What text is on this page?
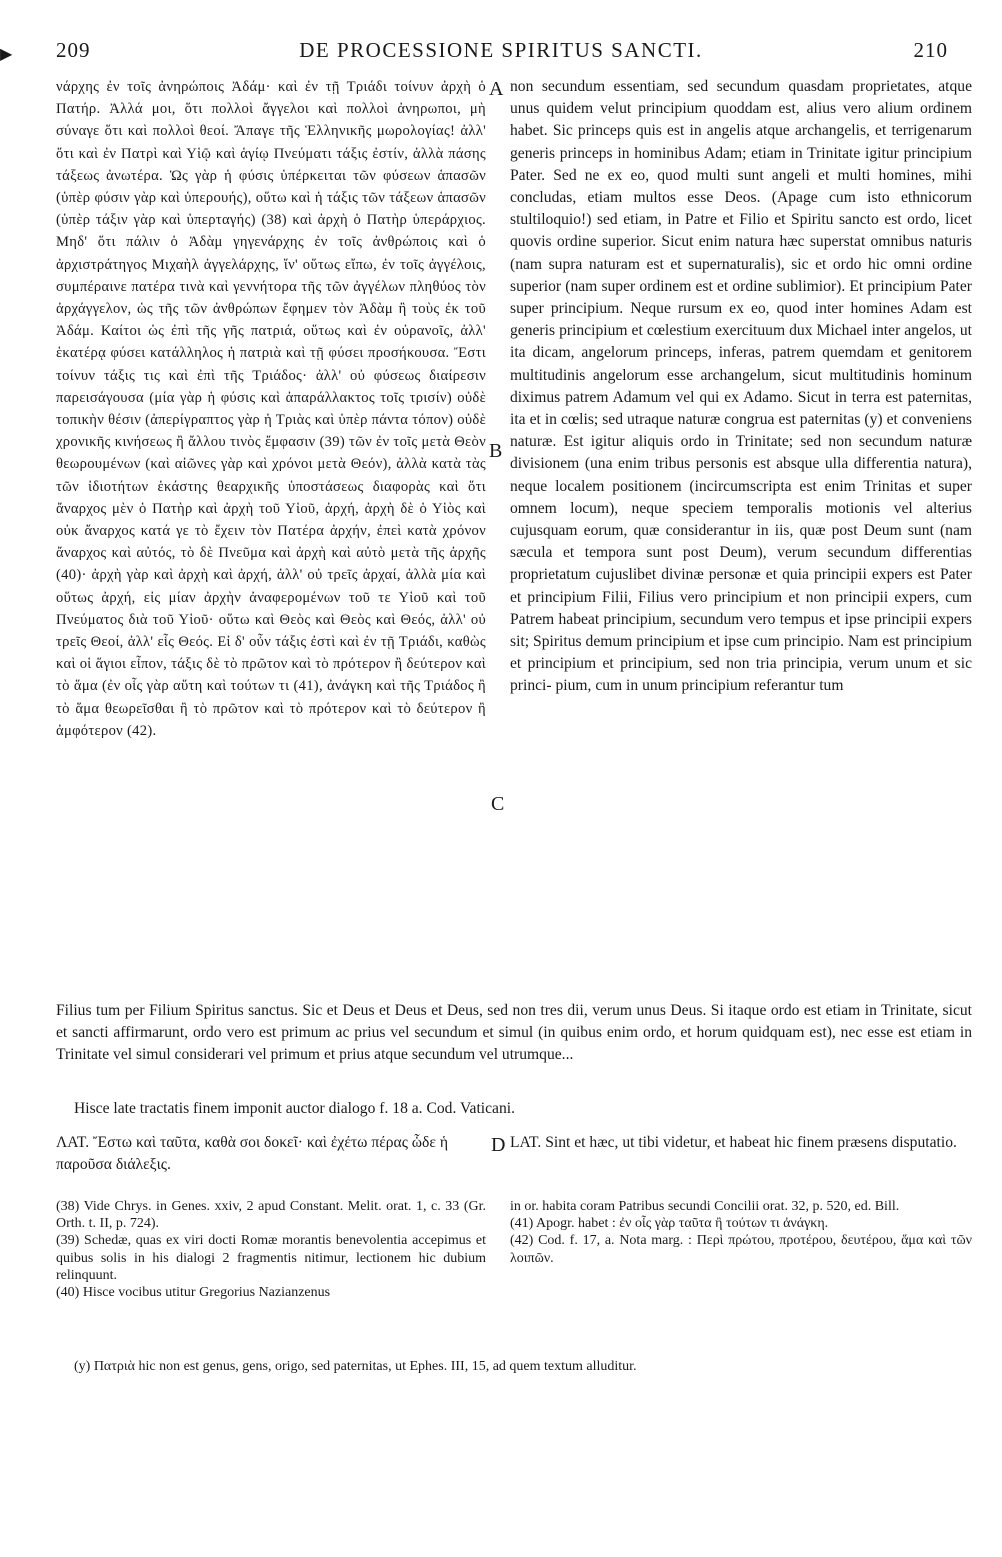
▶ 209	DE PROCESSIONE SPIRITUS SANCTI.	210
νάρχης ἐν τοῖς ἀνηρώποις Ἀδάμ· καὶ ἐν τῇ Τριάδι τοίνυν ἀρχὴ ὁ Πατήρ. Ἀλλά μοι, ὅτι πολλοὶ ἄγγελοι καὶ πολλοὶ ἀνηρωποι, μὴ σύναγε ὅτι καὶ πολλοὶ θεοί. Ἄπαγε τῆς Ἑλληνικῆς μωρολογίας! ἀλλ' ὅτι καὶ ἐν Πατρὶ καὶ Υἱῷ καὶ ἁγίῳ Πνεύματι τάξις ἐστίν, ἀλλὰ πάσης τάξεως ἀνωτέρα. Ὡς γὰρ ἡ φύσις ὑπέρκειται τῶν φύσεων ἁπασῶν (ὑπὲρ φύσιν γὰρ καὶ ὑπερουής), οὕτω καὶ ἡ τάξις τῶν τάξεων ἁπασῶν (ὑπὲρ τάξιν γὰρ καὶ ὑπερταγής) (38) καὶ ἀρχὴ ὁ Πατὴρ ὑπεράρχιος. Μηδ' ὅτι πάλιν ὁ Ἀδὰμ γηγενάρχης ἐν τοῖς ἀνθρώποις καὶ ὁ ἀρχιστράτηγος Μιχαὴλ ἀγγελάρχης, ἵν' οὕτως εἴπω, ἐν τοῖς ἀγγέλοις, συμπέραινε πατέρα τινὰ καὶ γεννήτορα τῆς τῶν ἀγγέλων πληθύος τὸν ἀρχάγγελον, ὡς τῆς τῶν ἀνθρώπων ἔφημεν τὸν Ἀδὰμ ἢ τοὺς ἐκ τοῦ Ἀδάμ. Καίτοι ὡς ἐπὶ τῆς γῆς πατριά, οὕτως καὶ ἐν οὐρανοῖς, ἀλλ' ἑκατέρᾳ φύσει κατάλληλος ἡ πατριὰ καὶ τῇ φύσει προσήκουσα. Ἔστι τοίνυν τάξις τις καὶ ἐπὶ τῆς Τριάδος· ἀλλ' οὐ φύσεως διαίρεσιν παρεισάγουσα (μία γὰρ ἡ φύσις καὶ ἀπαράλλακτος τοῖς τρισίν) οὐδὲ τοπικὴν θέσιν (ἀπερίγραπτος γὰρ ἡ Τριὰς καὶ ὑπὲρ πάντα τόπον) οὐδὲ χρονικῆς κινήσεως ἢ ἄλλου τινὸς ἔμφασιν (39) τῶν ἐν τοῖς μετὰ Θεὸν θεωρουμένων (καὶ αἰῶνες γὰρ καὶ χρόνοι μετὰ Θεόν), ἀλλὰ κατὰ τὰς τῶν ἰδιοτήτων ἑκάστης θεαρχικῆς ὑποστάσεως διαφορὰς καὶ ὅτι ἄναρχος μὲν ὁ Πατὴρ καὶ ἀρχὴ τοῦ Υἱοῦ, ἀρχή, ἀρχὴ δὲ ὁ Υἱὸς καὶ οὐκ ἄναρχος κατά γε τὸ ἔχειν τὸν Πατέρα ἀρχήν, ἐπεὶ κατὰ χρόνον ἄναρχος καὶ αὐτός, τὸ δὲ Πνεῦμα καὶ ἀρχὴ καὶ αὐτὸ μετὰ τῆς ἀρχῆς (40)· ἀρχὴ γὰρ καὶ ἀρχὴ καὶ ἀρχή, ἀλλ' οὐ τρεῖς ἀρχαί, ἀλλὰ μία καὶ οὕτως ἀρχή, εἰς μίαν ἀρχὴν ἀναφερομένων τοῦ τε Υἱοῦ καὶ τοῦ Πνεύματος διὰ τοῦ Υἱοῦ· οὕτω καὶ Θεὸς καὶ Θεὸς καὶ Θεός, ἀλλ' οὐ τρεῖς Θεοί, ἀλλ' εἷς Θεός. Εἰ δ' οὖν τάξις ἐστὶ καὶ ἐν τῇ Τριάδι, καθὼς καὶ οἱ ἅγιοι εἶπον, τάξις δὲ τὸ πρῶτον καὶ τὸ πρότερον ἢ δεύτερον καὶ τὸ ἅμα (ἐν οἷς γὰρ αὕτη καὶ τούτων τι (41), ἀνάγκη καὶ τῆς Τριάδος ἢ τὸ ἅμα θεωρεῖσθαι ἢ τὸ πρῶτον καὶ τὸ πρότερον καὶ τὸ δεύτερον ἢ ἀμφότερον (42).
non secundum essentiam, sed secundum quasdam proprietates, atque unus quidem velut principium quoddam est, alius vero alium ordinem habet. Sic princeps quis est in angelis atque archangelis, et terrigenarum generis princeps in hominibus Adam; etiam in Trinitate igitur principium Pater. Sed ne ex eo, quod multi sunt angeli et multi homines, mihi concludas, etiam multos esse Deos. (Apage cum isto ethnicorum stultiloquio!) sed etiam, in Patre et Filio et Spiritu sancto est ordo, licet quovis ordine superior. Sicut enim natura hæc superstat omnibus naturis (nam supra naturam est et supernaturalis), sic et ordo hic omni ordine superior (nam super ordinem est et ordine sublimior). Et principium Pater super principium. Neque rursum ex eo, quod inter homines Adam est generis principium et cœlestium exercituum dux Michael inter angelos, ut ita dicam, angelorum princeps, inferas, patrem quemdam et genitorem multitudinis angelorum esse archangelum, sicut multitudinis hominum diximus patrem Adamum vel qui ex Adamo. Sicut in terra est paternitas, ita et in cœlis; sed utraque naturæ congrua est paternitas (y) et conveniens naturæ. Est igitur aliquis ordo in Trinitate; sed non secundum naturæ divisionem (una enim tribus personis est absque ulla differentia natura), neque localem positionem (incircumscripta est enim Trinitas et super omnem locum), neque speciem temporalis motionis vel alterius cujusquam eorum, quæ considerantur in iis, quæ post Deum sunt (nam sæcula et tempora sunt post Deum), verum secundum differentias proprietatum cujuslibet divinæ personæ et quia principii expers est Pater et principium Filii, Filius vero principium et non principii expers, cum Patrem habeat principium, secundum vero tempus et ipse principii expers sit; Spiritus demum principium et ipse cum principio. Nam est principium et principium et principium, sed non tria principia, verum unum et sic princi- pium, cum in unum principium referantur tum
A
B
C
Filius tum per Filium Spiritus sanctus. Sic et Deus et Deus et Deus, sed non tres dii, verum unus Deus. Si itaque ordo est etiam in Trinitate, sicut et sancti affirmarunt, ordo vero est primum ac prius vel secundum et simul (in quibus enim ordo, et horum quidquam est), nec esse est etiam in Trinitate vel simul considerari vel primum et prius atque secundum vel utrumque...
Hisce late tractatis finem imponit auctor dialogo f. 18 a. Cod. Vaticani.
ΛΑΤ. Ἔστω καὶ ταῦτα, καθὰ σοι δοκεῖ· καὶ ἐχέτω πέρας ὧδε ἡ παροῦσα διάλεξις.
D LAT. Sint et hæc, ut tibi videtur, et habeat hic finem præsens disputatio.
(38) Vide Chrys. in Genes. xxiv, 2 apud Constant. Melit. orat. 1, c. 33 (Gr. Orth. t. II, p. 724).
(39) Schedæ, quas ex viri docti Romæ morantis benevolentia accepimus et quibus solis in his dialogi 2 fragmentis nitimur, lectionem hic dubium relinquunt.
(40) Hisce vocibus utitur Gregorius Nazianzenus
in or. habita coram Patribus secundi Concilii orat. 32, p. 520, ed. Bill.
(41) Apogr. habet : ἐν οἷς γὰρ ταῦτα ἢ τούτων τι ἀνάγκη.
(42) Cod. f. 17, a. Nota marg. : Περὶ πρώτου, προτέρου, δευτέρου, ἅμα καὶ τῶν λοιπῶν.
(y) Πατριὰ hic non est genus, gens, origo, sed paternitas, ut Ephes. III, 15, ad quem textum alluditur.
